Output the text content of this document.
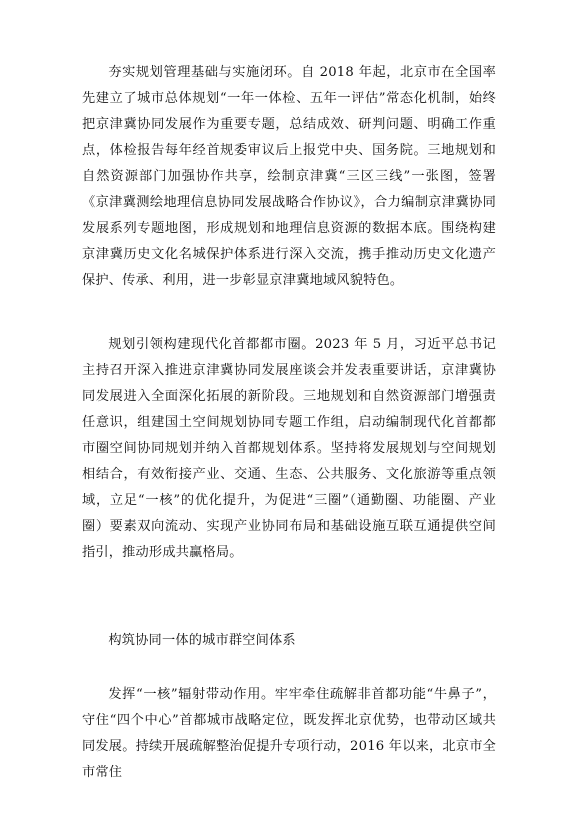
夯实规划管理基础与实施闭环。自 2018 年起，北京市在全国率先建立了城市总体规划“一年一体检、五年一评估”常态化机制，始终把京津冀协同发展作为重要专题，总结成效、研判问题、明确工作重点，体检报告每年经首规委审议后上报党中央、国务院。三地规划和自然资源部门加强协作共享，绘制京津冀“三区三线”一张图，签署《京津冀测绘地理信息协同发展战略合作协议》，合力编制京津冀协同发展系列专题地图，形成规划和地理信息资源的数据本底。围绕构建京津冀历史文化名城保护体系进行深入交流，携手推动历史文化遗产保护、传承、利用，进一步彰显京津冀地域风貌特色。

规划引领构建现代化首都都市圈。2023 年 5 月，习近平总书记主持召开深入推进京津冀协同发展座谈会并发表重要讲话，京津冀协同发展进入全面深化拓展的新阶段。三地规划和自然资源部门增强责任意识，组建国土空间规划协同专题工作组，启动编制现代化首都都市圈空间协同规划并纳入首都规划体系。坚持将发展规划与空间规划相结合，有效衔接产业、交通、生态、公共服务、文化旅游等重点领域，立足“一核”的优化提升，为促进“三圈”（通勤圈、功能圈、产业圈）要素双向流动、实现产业协同布局和基础设施互联互通提供空间指引，推动形成共赢格局。

构筑协同一体的城市群空间体系

发挥“一核”辐射带动作用。牢牢牵住疏解非首都功能“牛鼻子”，守住“四个中心”首都城市战略定位，既发挥北京优势，也带动区域共同发展。持续开展疏解整治促提升专项行动，2016 年以来，北京市全市常住
